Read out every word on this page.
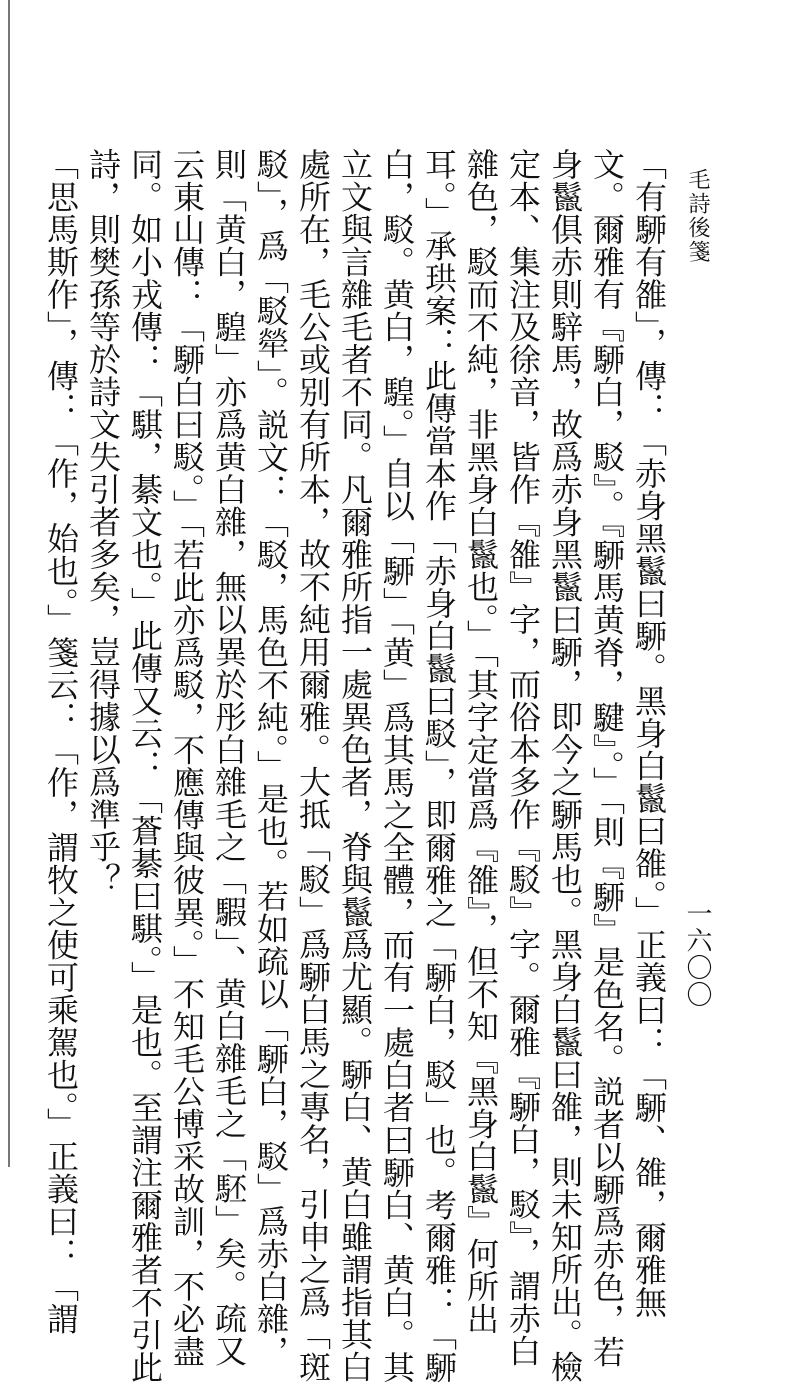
毛詩後箋
一六〇〇
「有駵有雒」，傳：「赤身黑鬣曰駵。黑身白鬣曰雒。」正義曰：「駵、雒，爾雅無
文。爾雅有『駵白，駁』。『駵馬黄脊，騝』。」「則『駵』是色名。説者以駵爲赤色，若
身鬣俱赤則騂馬，故爲赤身黑鬣曰駵，即今之駵馬也。黑身白鬣曰雒，則未知所出。檢
定本、集注及徐音，皆作『雒』字，而俗本多作『駁』字。爾雅『駵白，駁』，謂赤白
雜色，駁而不純，非黑身白鬣也。」「其字定當爲『雒』，但不知『黑身白鬣』何所出
耳。」承珙案：此傳當本作「赤身白鬣曰駁」，即爾雅之「駵白，駁」也。考爾雅：「駵
白，駁。黄白，騜。」自以「駵」「黄」爲其馬之全體，而有一處白者曰駵白、黄白。其
立文與言雜毛者不同。凡爾雅所指一處異色者，脊與鬣爲尤顯。駵白、黄白雖謂指其白
處所在，毛公或别有所本，故不純用爾雅。大抵「駁」爲駵白馬之專名，引申之爲「斑
駁」，爲「駁犖」。説文：「駁，馬色不純。」是也。若如疏以「駵白，駁」爲赤白雜，
則「黄白，騜」亦爲黄白雜，無以異於彤白雜毛之「騢」、黄白雜毛之「駓」矣。疏又
云東山傳：「駵白曰駁。」「若此亦爲駁，不應傳與彼異。」不知毛公博采故訓，不必盡
同。如小戎傳：「騏，綦文也。」此傳又云：「蒼綦曰騏。」是也。至謂注爾雅者不引此
詩，則樊孫等於詩文失引者多矣，豈得據以爲準乎？
「思馬斯作」，傳：「作，始也。」箋云：「作，謂牧之使可乘駕也。」正義曰：「謂
